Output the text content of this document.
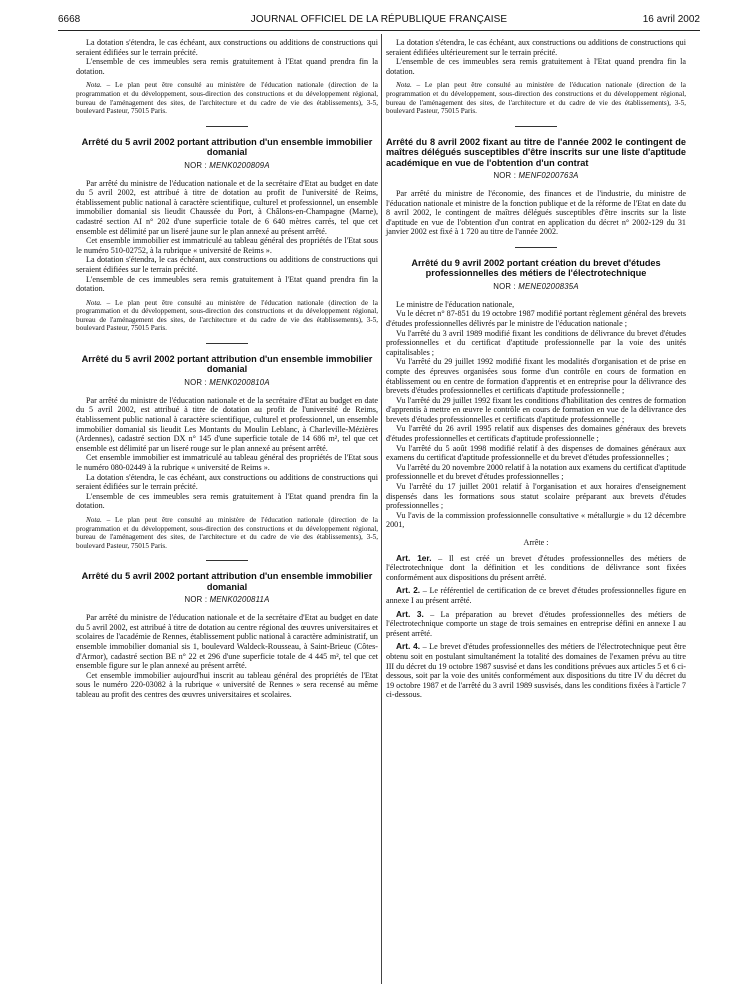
6668	JOURNAL OFFICIEL DE LA RÉPUBLIQUE FRANÇAISE	16 avril 2002

La dotation s'étendra, le cas échéant, aux constructions ou additions de constructions qui seraient édifiées sur le terrain précité.

L'ensemble de ces immeubles sera remis gratuitement à l'Etat quand prendra fin la dotation.

Nota. – Le plan peut être consulté au ministère de l'éducation nationale (direction de la programmation et du développement, sous-direction des constructions et du développement régional, bureau de l'aménagement des sites, de l'architecture et du cadre de vie des établissements), 3-5, boulevard Pasteur, 75015 Paris.

Arrêté du 5 avril 2002 portant attribution d'un ensemble immobilier domanial
NOR : MENK0200809A

Par arrêté du ministre de l'éducation nationale et de la secrétaire d'Etat au budget en date du 5 avril 2002, est attribué à titre de dotation au profit de l'université de Reims, établissement public national à caractère scientifique, culturel et professionnel, un ensemble immobilier domanial sis lieudit Chaussée du Port, à Châlons-en-Champagne (Marne), cadastré section AI n° 202 d'une superficie totale de 6 640 mètres carrés, tel que cet ensemble est délimité par un liseré jaune sur le plan annexé au présent arrêté.

Cet ensemble immobilier est immatriculé au tableau général des propriétés de l'Etat sous le numéro 510-02752, à la rubrique « université de Reims ».

La dotation s'étendra, le cas échéant, aux constructions ou additions de constructions qui seraient édifiées sur le terrain précité.

L'ensemble de ces immeubles sera remis gratuitement à l'Etat quand prendra fin la dotation.

Nota. – Le plan peut être consulté au ministère de l'éducation nationale (direction de la programmation et du développement, sous-direction des constructions et du développement régional, bureau de l'aménagement des sites, de l'architecture et du cadre de vie des établissements), 3-5, boulevard Pasteur, 75015 Paris.

Arrêté du 5 avril 2002 portant attribution d'un ensemble immobilier domanial
NOR : MENK0200810A

Par arrêté du ministre de l'éducation nationale et de la secrétaire d'Etat au budget en date du 5 avril 2002, est attribué à titre de dotation au profit de l'université de Reims, établissement public national à caractère scientifique, culturel et professionnel, un ensemble immobilier domanial sis lieudit Les Montants du Moulin Leblanc, à Charleville-Mézières (Ardennes), cadastré section DX n° 145 d'une superficie totale de 14 686 m², tel que cet ensemble est délimité par un liseré rouge sur le plan annexé au présent arrêté.

Cet ensemble immobilier est immatriculé au tableau général des propriétés de l'Etat sous le numéro 080-02449 à la rubrique « université de Reims ».

La dotation s'étendra, le cas échéant, aux constructions ou additions de constructions qui seraient édifiées sur le terrain précité.

L'ensemble de ces immeubles sera remis gratuitement à l'Etat quand prendra fin la dotation.

Nota. – Le plan peut être consulté au ministère de l'éducation nationale (direction de la programmation et du développement, sous-direction des constructions et du développement régional, bureau de l'aménagement des sites, de l'architecture et du cadre de vie des établissements), 3-5, boulevard Pasteur, 75015 Paris.

Arrêté du 5 avril 2002 portant attribution d'un ensemble immobilier domanial
NOR : MENK0200811A

Par arrêté du ministre de l'éducation nationale et de la secrétaire d'Etat au budget en date du 5 avril 2002, est attribué à titre de dotation au centre régional des œuvres universitaires et scolaires de l'académie de Rennes, établissement public national à caractère administratif, un ensemble immobilier domanial sis 1, boulevard Waldeck-Rousseau, à Saint-Brieuc (Côtes-d'Armor), cadastré section BE n° 22 et 296 d'une superficie totale de 4 445 m², tel que cet ensemble figure sur le plan annexé au présent arrêté.

Cet ensemble immobilier aujourd'hui inscrit au tableau général des propriétés de l'Etat sous le numéro 220-03082 à la rubrique « université de Rennes » sera recensé au même tableau au profit des centres des œuvres universitaires et scolaires.

La dotation s'étendra, le cas échéant, aux constructions ou additions de constructions qui seraient édifiées ultérieurement sur le terrain précité.

L'ensemble de ces immeubles sera remis gratuitement à l'Etat quand prendra fin la dotation.

Nota. – Le plan peut être consulté au ministère de l'éducation nationale (direction de la programmation et du développement, sous-direction des constructions et du développement régional, bureau de l'aménagement des sites, de l'architecture et du cadre de vie des établissements), 3-5, boulevard Pasteur, 75015 Paris.

Arrêté du 8 avril 2002 fixant au titre de l'année 2002 le contingent de maîtres délégués susceptibles d'être inscrits sur une liste d'aptitude académique en vue de l'obtention d'un contrat
NOR : MENF0200763A

Par arrêté du ministre de l'économie, des finances et de l'industrie, du ministre de l'éducation nationale et ministre de la fonction publique et de la réforme de l'Etat en date du 8 avril 2002, le contingent de maîtres délégués susceptibles d'être inscrits sur la liste d'aptitude en vue de l'obtention d'un contrat en application du décret n° 2002-129 du 31 janvier 2002 est fixé à 1 720 au titre de l'année 2002.

Arrêté du 9 avril 2002 portant création du brevet d'études professionnelles des métiers de l'électrotechnique
NOR : MENE0200835A

Le ministre de l'éducation nationale,

Vu le décret n° 87-851 du 19 octobre 1987 modifié portant règlement général des brevets d'études professionnelles délivrés par le ministre de l'éducation nationale ;

Vu l'arrêté du 3 avril 1989 modifié fixant les conditions de délivrance du brevet d'études professionnelles et du certificat d'aptitude professionnelle par la voie des unités capitalisables ;

Vu l'arrêté du 29 juillet 1992 modifié fixant les modalités d'organisation et de prise en compte des épreuves organisées sous forme d'un contrôle en cours de formation en établissement ou en centre de formation d'apprentis et en entreprise pour la délivrance des brevets d'études professionnelles et certificats d'aptitude professionnelle ;

Vu l'arrêté du 29 juillet 1992 fixant les conditions d'habilitation des centres de formation d'apprentis à mettre en œuvre le contrôle en cours de formation en vue de la délivrance des brevets d'études professionnelles et certificats d'aptitude professionnelle ;

Vu l'arrêté du 26 avril 1995 relatif aux dispenses des domaines généraux des brevets d'études professionnelles et certificats d'aptitude professionnelle ;

Vu l'arrêté du 5 août 1998 modifié relatif à des dispenses de domaines généraux aux examens du certificat d'aptitude professionnelle et du brevet d'études professionnelles ;

Vu l'arrêté du 20 novembre 2000 relatif à la notation aux examens du certificat d'aptitude professionnelle et du brevet d'études professionnelles ;

Vu l'arrêté du 17 juillet 2001 relatif à l'organisation et aux horaires d'enseignement dispensés dans les formations sous statut scolaire préparant aux brevets d'études professionnelles ;

Vu l'avis de la commission professionnelle consultative « métallurgie » du 12 décembre 2001,

Arrête :

Art. 1er. – Il est créé un brevet d'études professionnelles des métiers de l'électrotechnique dont la définition et les conditions de délivrance sont fixées conformément aux dispositions du présent arrêté.

Art. 2. – Le référentiel de certification de ce brevet d'études professionnelles figure en annexe I au présent arrêté.

Art. 3. – La préparation au brevet d'études professionnelles des métiers de l'électrotechnique comporte un stage de trois semaines en entreprise défini en annexe I au présent arrêté.

Art. 4. – Le brevet d'études professionnelles des métiers de l'électrotechnique peut être obtenu soit en postulant simultanément la totalité des domaines de l'examen prévu au titre III du décret du 19 octobre 1987 susvisé et dans les conditions prévues aux articles 5 et 6 ci-dessous, soit par la voie des unités conformément aux dispositions du titre IV du décret du 19 octobre 1987 et de l'arrêté du 3 avril 1989 susvisés, dans les conditions fixées à l'article 7 ci-dessous.
